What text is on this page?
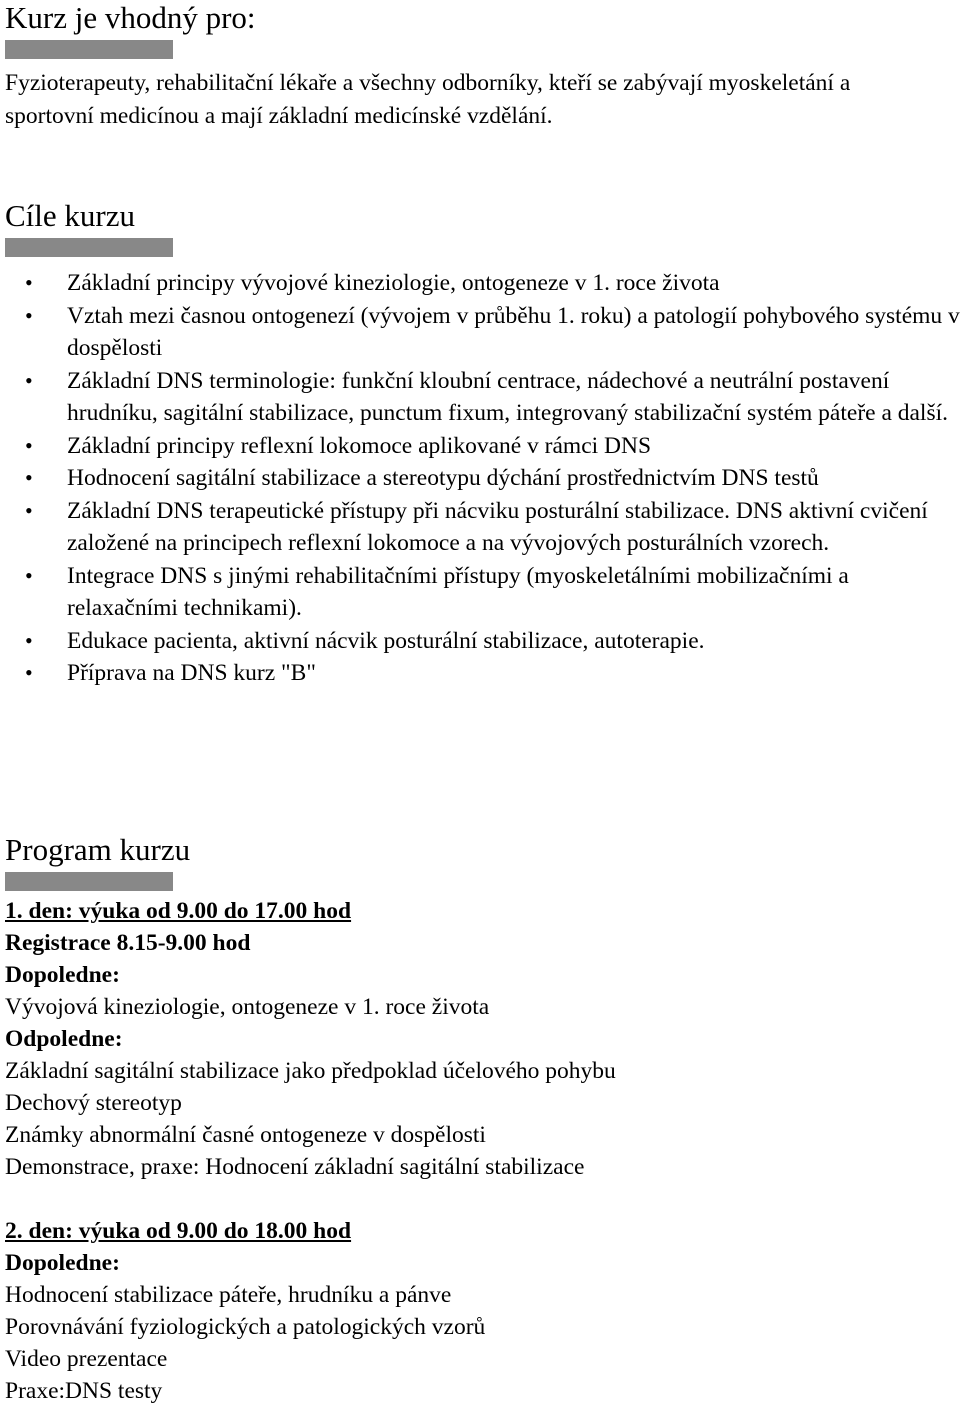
Kurz je vhodný pro:

Fyzioterapeuty, rehabilitační lékaře a všechny odborníky, kteří se zabývají myoskeletání a sportovní medicínou a mají základní medicínské vzdělání.

Cíle kurzu
• Základní principy vývojové kineziologie, ontogeneze v 1. roce života
• Vztah mezi časnou ontogenezí (vývojem v průběhu 1. roku) a patologií pohybového systému v dospělosti
• Základní DNS terminologie: funkční kloubní centrace, nádechové a neutrální postavení hrudníku, sagitální stabilizace, punctum fixum, integrovaný stabilizační systém páteře a další.
• Základní principy reflexní lokomoce aplikované v rámci DNS
• Hodnocení sagitální stabilizace a stereotypu dýchání prostřednictvím DNS testů
• Základní DNS terapeutické přístupy při nácviku posturální stabilizace. DNS aktivní cvičení založené na principech reflexní lokomoce a na vývojových posturálních vzorech.
• Integrace DNS s jinými rehabilitačními přístupy (myoskeletálními mobilizačními a relaxačními technikami).
• Edukace pacienta, aktivní nácvik posturální stabilizace, autoterapie.
• Příprava na DNS kurz "B"
Program kurzu
1. den: výuka od 9.00 do 17.00 hod
Registrace 8.15-9.00 hod
Dopoledne:
Vývojová kineziologie, ontogeneze v 1. roce života
Odpoledne:
Základní sagitální stabilizace jako předpoklad účelového pohybu
Dechový stereotyp
Známky abnormální časné ontogeneze v dospělosti
Demonstrace, praxe: Hodnocení základní sagitální stabilizace
2. den: výuka od 9.00 do 18.00 hod
Dopoledne:
Hodnocení stabilizace páteře, hrudníku a pánve
Porovnávání fyziologických a patologických vzorů
Video prezentace
Praxe:DNS testy
